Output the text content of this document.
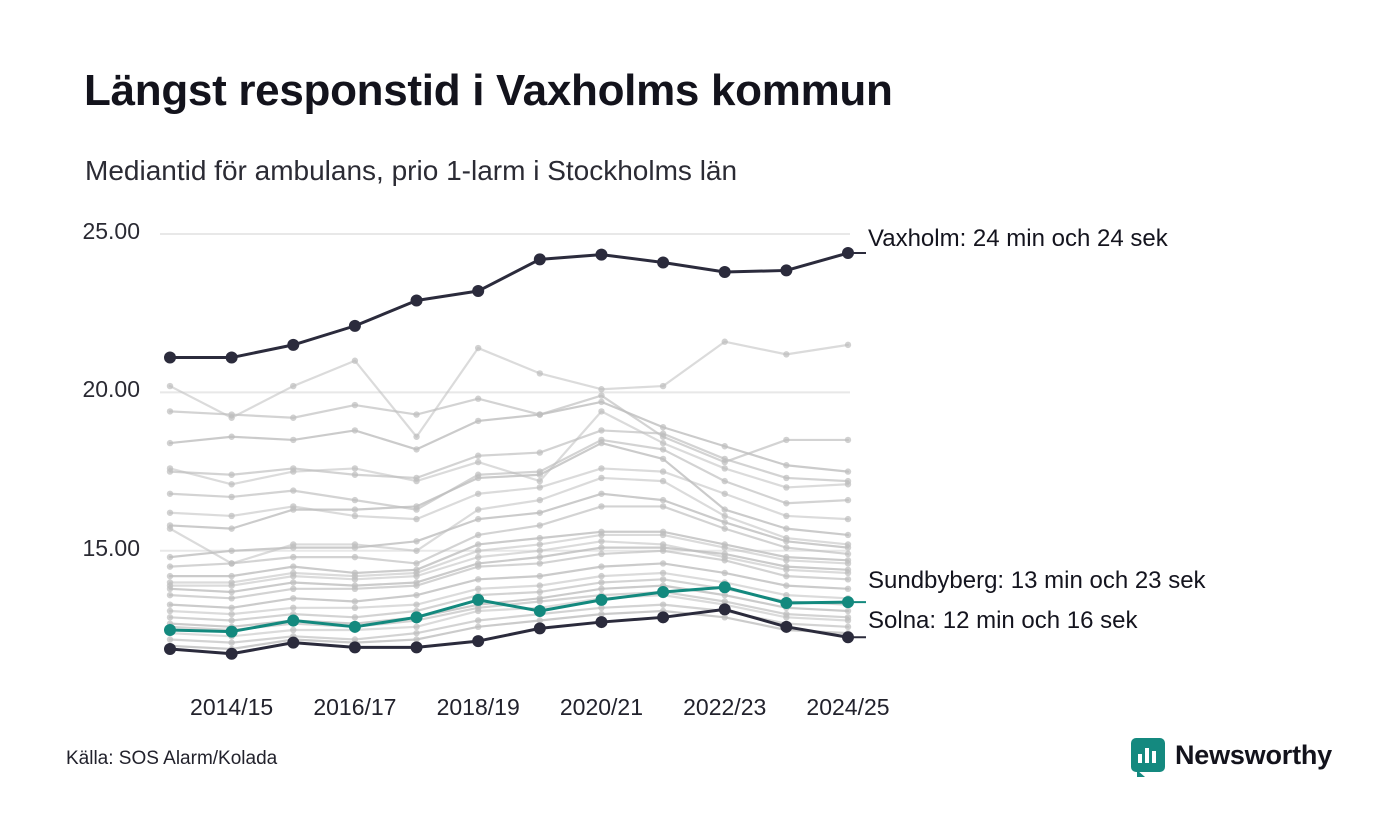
Längst responstid i Vaxholms kommun
Mediantid för ambulans, prio 1-larm i Stockholms län
Vaxholm: 24 min och 24 sek
Sundbyberg: 13 min och 23 sek
Solna: 12 min och 16 sek
Källa: SOS Alarm/Kolada	Newsworthy
15.00
20.00
25.00
2014/15	2016/17	2018/19	2020/21	2022/23	2024/25
